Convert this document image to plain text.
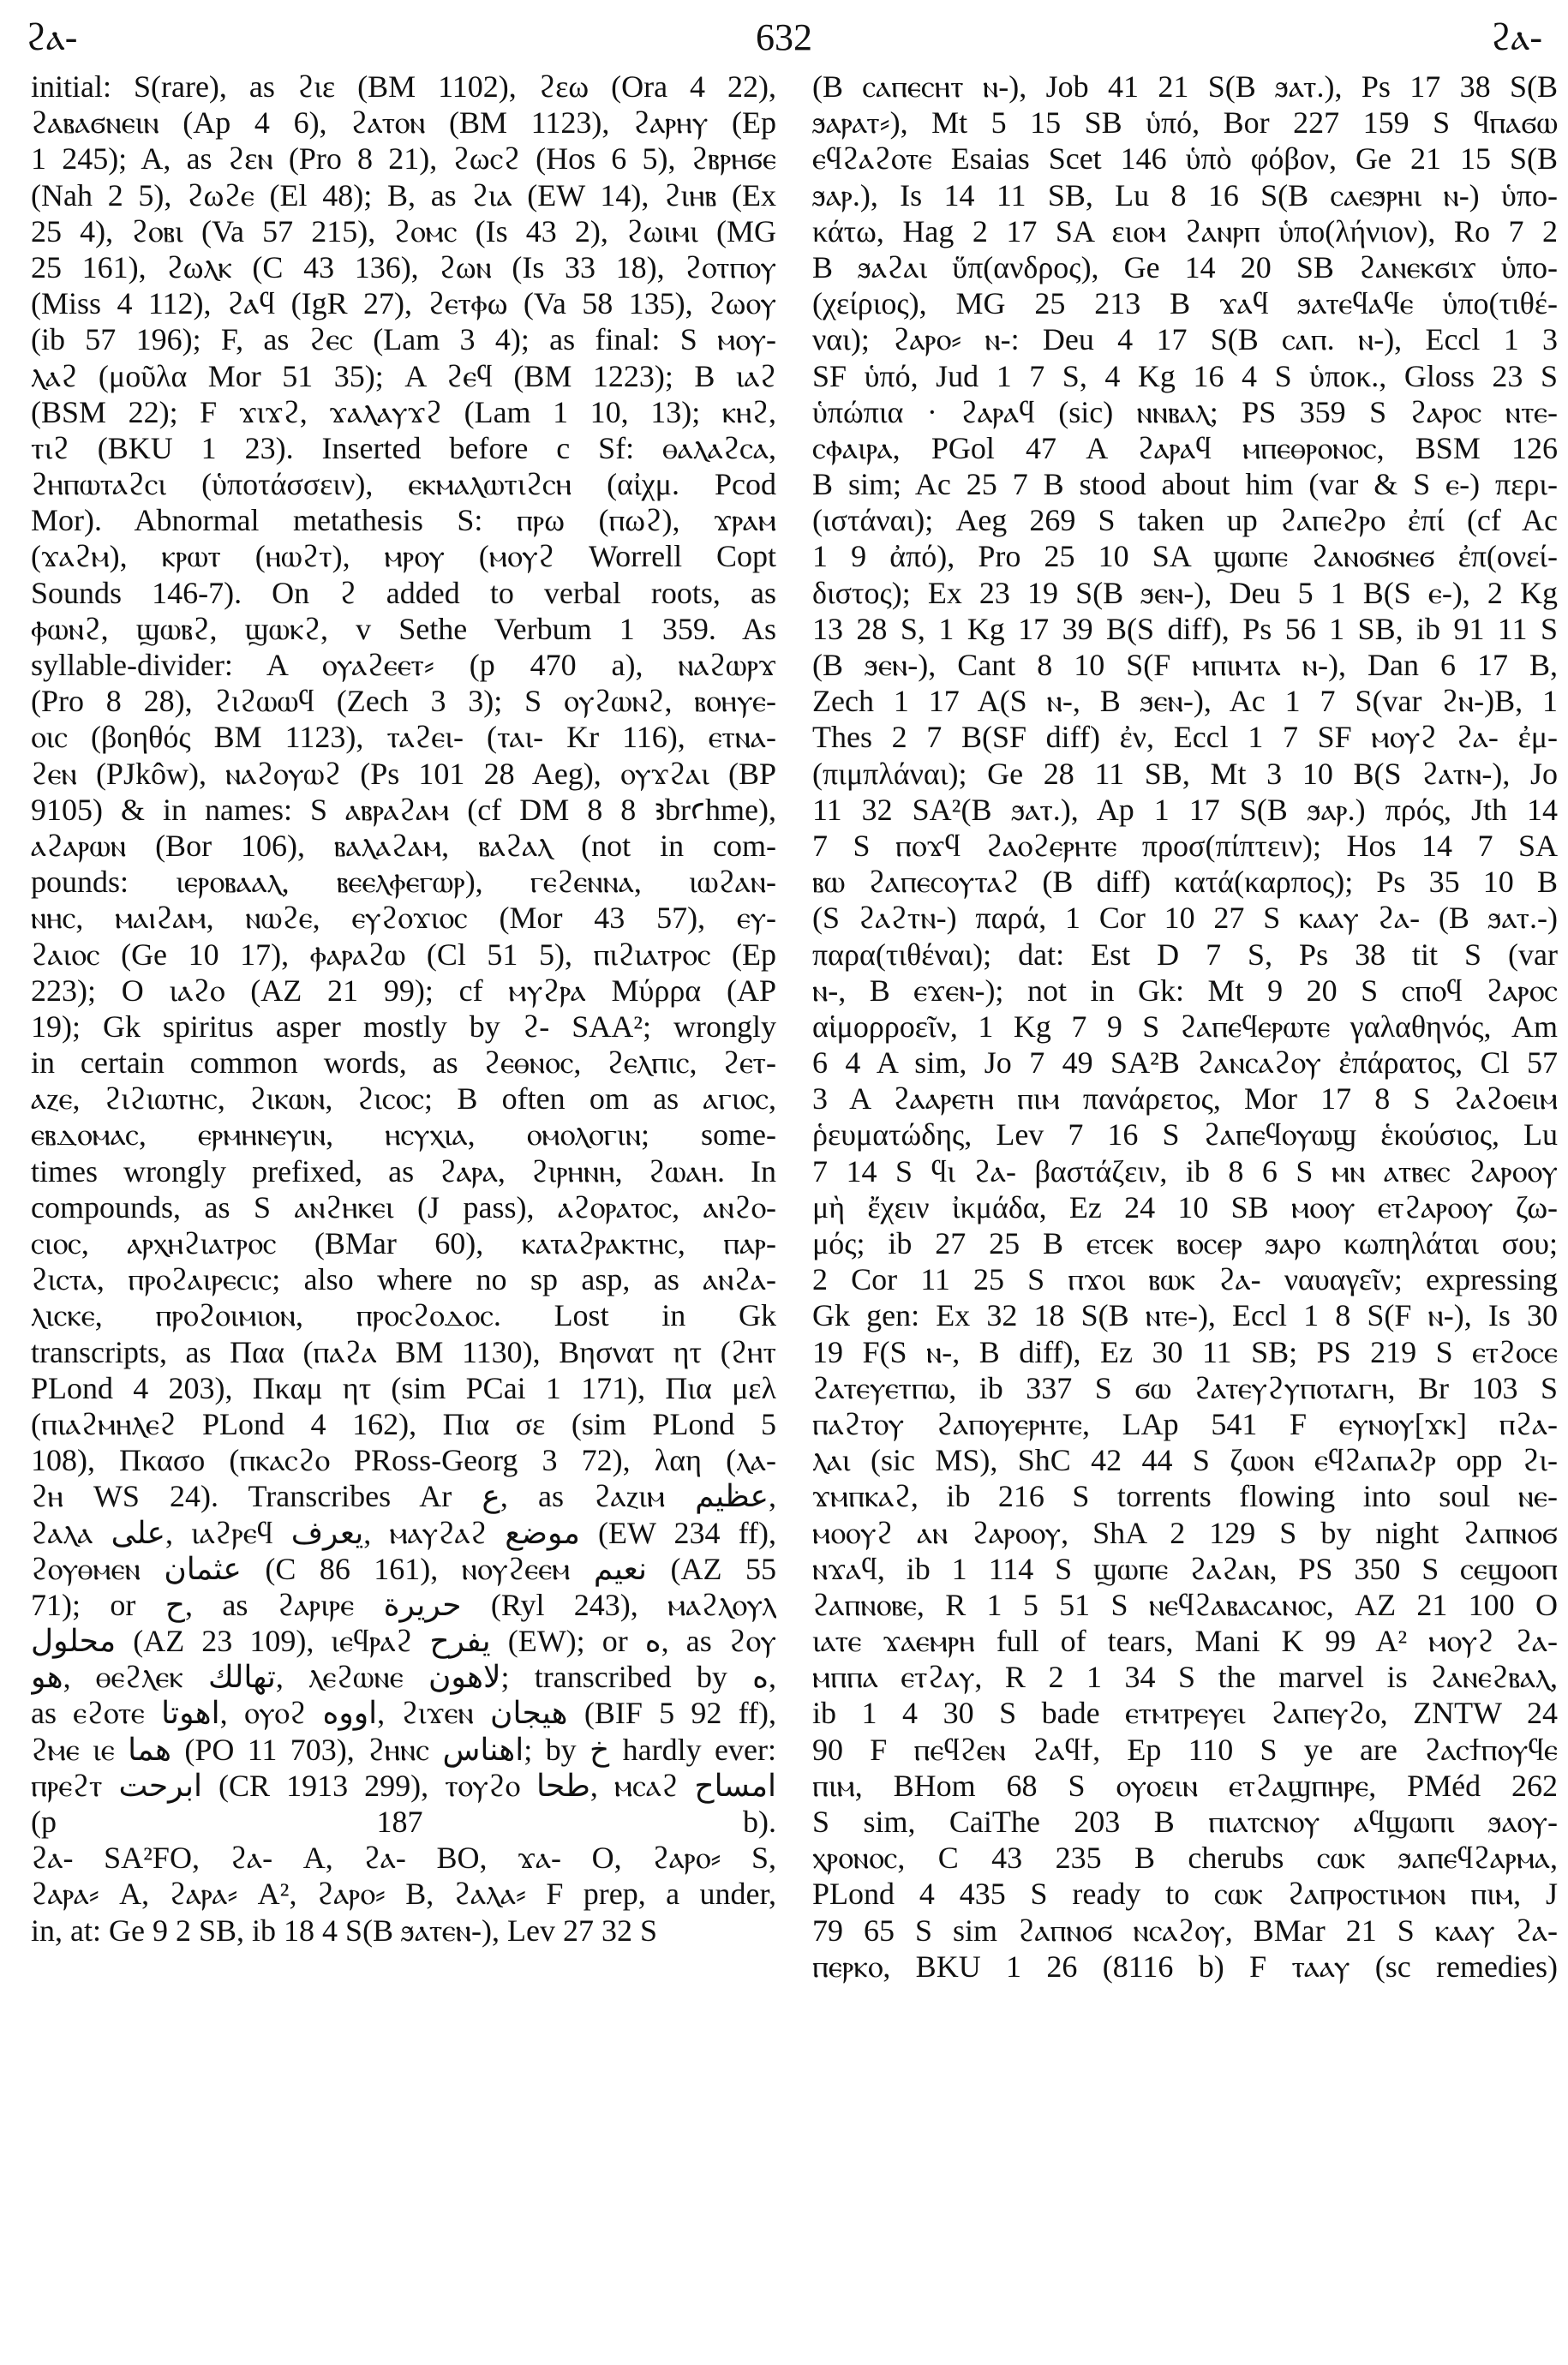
ϩⲁ-	632	ϩⲁ-
initial: S(rare), as ϩιε (BM 1102), ϩεω (Ora 4 22),
ϩⲁⲃⲁϭⲛⲉιⲛ (Ap 4 6), ϩⲁⲧⲟⲛ (BM 1123), ϩⲁⲣⲏⲩ (Ep
1 245); A, as ϩεⲛ (Pro 8 21), ϩωⲥϩ (Hos 6 5), ϩⲃⲣⲏϭⲉ
(Nah 2 5), ϩωϩⲉ (El 48); B, as ϩιⲁ (EW 14), ϩιⲏⲃ (Ex
25 4), ϩⲟⲃι (Va 57 215), ϩⲟⲙⲥ (Is 43 2), ϩωιⲙι (MG
25 161), ϩωⲗⲕ (C 43 136), ϩωⲛ (Is 33 18), ϩⲟⲧⲡⲟⲩ
(Miss 4 112), ϩⲁϥ (IgR 27), ϩⲉⲧⲫω (Va 58 135), ϩωⲟⲩ
(ib 57 196); F, as ϩⲉⲥ (Lam 3 4); as final: S ⲙⲟⲩ-
ⲗⲁϩ (μοῦλα Mor 51 35); A ϩⲉϥ (BM 1223); B ιⲁϩ
(BSM 22); F ϫιϫϩ, ϫⲁⲗⲁⲩϫϩ (Lam 1 10, 13); ⲕⲏϩ,
ⲧιϩ (BKU 1 23). Inserted before c Sf: ⲑⲁⲗⲁϩⲥⲁ,
ϩⲏⲡⲱⲧⲁϩⲥι (ὑποτάσσειν), ⲉⲕⲙⲁⲗⲱⲧιϩⲥⲏ (αἰχμ. Pcod
Mor). Abnormal metathesis S: ⲡⲣω (ⲡωϩ), ϫⲣⲁⲙ
(ϫⲁϩⲙ), ⲕⲣⲱⲧ (ⲏⲱϩⲧ), ⲙⲣⲟⲩ (ⲙⲟⲩϩ Worrell Copt
Sounds 146-7). On ϩ added to verbal roots, as
ⲫⲱⲛϩ, ϣⲱⲃϩ, ϣⲱⲕϩ, v Sethe Verbum 1 359. As
syllable-divider: A ⲟⲩⲁϩⲉⲉⲧ⸗ (p 470 a), ⲛⲁϩⲱⲣϫ
(Pro 8 28), ϩιϩⲱⲱϥ (Zech 3 3); S ⲟⲩϩⲱⲛϩ, ⲃⲟⲏⲩⲉ-
ⲟιⲥ (βοηθός BM 1123), ⲧⲁϩⲉι- (ⲧⲁι- Kr 116), ⲉⲧⲛⲁ-
ϩⲉⲛ (PJkôw), ⲛⲁϩⲟⲩⲱϩ (Ps 101 28 Aeg), ⲟⲩϫϩⲁι (BP
9105) & in names: S ⲁⲃⲣⲁϩⲁⲙ (cf DM 8 8 ꜣbrꜥhme),
ⲁϩⲁⲣⲱⲛ (Bor 106), ⲃⲁⲗⲁϩⲁⲙ, ⲃⲁϩⲁⲗ (not in com-
pounds: ιⲉⲣⲟⲃⲁⲁⲗ, ⲃⲉⲉⲗⲫⲉⲅⲱⲣ), ⲅⲉϩⲉⲛⲛⲁ, ιⲱϩⲁⲛ-
ⲛⲏⲥ, ⲙⲁⲓϩⲁⲙ, ⲛⲱϩⲉ, ⲉⲩϩⲟϫιⲟⲥ (Mor 43 57), ⲉⲩ-
ϩⲁιⲟⲥ (Ge 10 17), ⲫⲁⲣⲁϩⲱ (Cl 51 5), ⲡιϩιⲁⲧⲣⲟⲥ (Ep
223); O ιⲁϩⲟ (AZ 21 99); cf ⲙⲩϩⲣⲁ Μύρρα (AP
19); Gk spiritus asper mostly by ϩ- SAA²; wrongly
in certain common words, as ϩⲉⲑⲛⲟⲥ, ϩⲉⲗⲡιⲥ, ϩⲉⲧ-
ⲁⲍⲉ, ϩιϩιⲱⲧⲏⲥ, ϩιⲕⲱⲛ, ϩιⲥⲟⲥ; B often om as ⲁⲅιⲟⲥ,
ⲉⲃⲇⲟⲙⲁⲥ, ⲉⲣⲙⲏⲛⲉⲩιⲛ, ⲏⲥⲩⲭιⲁ, ⲟⲙⲟⲗⲟⲅιⲛ; some-
times wrongly prefixed, as ϩⲁⲣⲁ, ϩιⲣⲏⲛⲏ, ϩⲱⲁⲏ. In
compounds, as S ⲁⲛϩⲏⲕⲉι (J pass), ⲁϩⲟⲣⲁⲧⲟⲥ, ⲁⲛϩⲟ-
ⲥιⲟⲥ, ⲁⲣⲭⲏϩιⲁⲧⲣⲟⲥ (BMar 60), ⲕⲁⲧⲁϩⲣⲁⲕⲧⲏⲥ, ⲡⲁⲣ-
ϩιⲥⲧⲁ, ⲡⲣⲟϩⲁιⲣⲉⲥιⲥ; also where no sp asp, as ⲁⲛϩⲁ-
ⲗιⲥⲕⲉ, ⲡⲣⲟϩⲟιⲙιⲟⲛ, ⲡⲣⲟⲥϩⲟⲇⲟⲥ. Lost in Gk
transcripts, as Παα (ⲡⲁϩⲁ BM 1130), Βησνατ ητ (ϩⲏⲧ
PLond 4 203), Πκαμ ητ (sim PCai 1 171), Πια μελ
(ⲡιⲁϩⲙⲏⲗⲉϩ PLond 4 162), Πια σε (sim PLond 5
108), Πκασο (ⲡⲕⲁⲥϩⲟ PRoss-Georg 3 72), λαη (ⲗⲁ-
ϩⲏ WS 24). Transcribes Ar ع, as ϩⲁⲍιⲙ عظيم,
ϩⲁⲗⲁ على, ιⲁϩⲣⲉϥ يعرف, ⲙⲁⲩϩⲁϩ موضع (EW 234 ff),
ϩⲟⲩⲑⲙⲉⲛ عثمان (C 86 161), ⲛⲟⲩϩⲉⲉⲙ نعيم (AZ 55
71); or ح, as ϩⲁⲣιⲣⲉ حريرة (Ryl 243), ⲙⲁϩⲗⲟⲩⲗ
محلول (AZ 23 109), ιⲉϥⲣⲁϩ يفرح (EW); or ه, as ϩⲟⲩ
هو, ⲑⲉϩⲗⲉⲕ تهالك, ⲗⲉϩⲱⲛⲉ لاهون; transcribed by ه,
as ⲉϩⲟⲧⲉ اهوتا, ⲟⲩⲟϩ اووه, ϩιϫⲉⲛ هيجان (BIF 5 92 ff),
ϩⲙⲉ ιⲉ هما (PO 11 703), ϩⲏⲛⲥ اهناس; by خ hardly ever:
ⲡⲣⲉϩⲧ ابرحت (CR 1913 299), ⲧⲟⲩϩⲟ طحا, ⲙⲥⲁϩ امساح
(p 187 b).
ϩⲁ- SA²FO, ϩⲁ- A, ϩⲁ- BO, ϫⲁ- O, ϩⲁⲣⲟ⸗ S,
ϩⲁⲣⲁ⸗ A, ϩⲁⲣⲁ⸗ A², ϩⲁⲣⲟ⸗ B, ϩⲁⲗⲁ⸗ F prep, a under,
in, at: Ge 9 2 SB, ib 18 4 S(B ϧⲁⲧⲉⲛ-), Lev 27 32 S
(B ⲥⲁⲡⲉⲥⲏⲧ ⲛ-), Job 41 21 S(B ϧⲁⲧ.), Ps 17 38 S(B
ϧⲁⲣⲁⲧ⸗), Mt 5 15 SB ὑπό, Bor 227 159 S ϥⲡⲁϭⲱ
ⲉϥϩⲁϩⲟⲧⲉ Esaias Scet 146 ὑπὸ φόβον, Ge 21 15 S(B
ϧⲁⲣ.), Is 14 11 SB, Lu 8 16 S(B ⲥⲁⲉϧⲣⲏι ⲛ-) ὑπο-
κάτω, Hag 2 17 SA ειⲟⲙ ϩⲁⲛⲣⲡ ὑπο(λήνιον), Ro 7 2
B ϧⲁϩⲁι ὕπ(ανδρος), Ge 14 20 SB ϩⲁⲛⲉⲕϭιϫ ὑπο-
(χείριος), MG 25 213 B ϫⲁϥ ϧⲁⲧⲉϥⲁϥⲉ ὑπο(τιθέ-
ναι); ϩⲁⲣⲟ⸗ ⲛ-: Deu 4 17 S(B ⲥⲁⲡ. ⲛ-), Eccl 1 3
SF ὑπό, Jud 1 7 S, 4 Kg 16 4 S ὑποκ., Gloss 23 S
ὑπώπια · ϩⲁⲣⲁϥ (sic) ⲛⲛⲃⲁⲗ; PS 359 S ϩⲁⲣⲟⲥ ⲛⲧⲉ-
ⲥⲫⲁιⲣⲁ, PGol 47 A ϩⲁⲣⲁϥ ⲙⲡⲉⲑⲣⲟⲛⲟⲥ, BSM 126
B sim; Ac 25 7 B stood about him (var & S ⲉ-) περι-
(ιστάναι); Aeg 269 S taken up ϩⲁⲡⲉϩⲣⲟ ἐπί (cf Ac
1 9 ἀπό), Pro 25 10 SA ϣⲱⲡⲉ ϩⲁⲛⲟϭⲛⲉϭ ἐπ(ονεί-
διστος); Ex 23 19 S(B ϧⲉⲛ-), Deu 5 1 B(S ⲉ-), 2 Kg
13 28 S, 1 Kg 17 39 B(S diff), Ps 56 1 SB, ib 91 11 S
(B ϧⲉⲛ-), Cant 8 10 S(F ⲙⲡιⲙⲧⲁ ⲛ-), Dan 6 17 B,
Zech 1 17 A(S ⲛ-, B ϧⲉⲛ-), Ac 1 7 S(var ϩⲛ-)B, 1
Thes 2 7 B(SF diff) ἐν, Eccl 1 7 SF ⲙⲟⲩϩ ϩⲁ- ἐμ-
(πιμπλάναι); Ge 28 11 SB, Mt 3 10 B(S ϩⲁⲧⲛ-), Jo
11 32 SA²(B ϧⲁⲧ.), Ap 1 17 S(B ϧⲁⲣ.) πρός, Jth 14
7 S ⲡⲟϫϥ ϩⲁⲟϩⲉⲣⲏⲧⲉ προσ(πίπτειν); Hos 14 7 SA
ⲃⲱ ϩⲁⲡⲉⲥⲟⲩⲧⲁϩ (B diff) κατά(καρπος); Ps 35 10 B
(S ϩⲁϩⲧⲛ-) παρά, 1 Cor 10 27 S ⲕⲁⲁⲩ ϩⲁ- (B ϧⲁⲧ.-)
παρα(τιθέναι); dat: Est D 7 S, Ps 38 tit S (var
ⲛ-, B ⲉϫⲉⲛ-); not in Gk: Mt 9 20 S ⲥⲡⲟϥ ϩⲁⲣⲟⲥ
αἱμορροεῖν, 1 Kg 7 9 S ϩⲁⲡⲉϥⲉⲣⲱⲧⲉ γαλαθηνός, Am
6 4 A sim, Jo 7 49 SA²B ϩⲁⲛⲥⲁϩⲟⲩ ἐπάρατος, Cl 57
3 A ϩⲁⲁⲣⲉⲧⲏ ⲡιⲙ πανάρετος, Mor 17 8 S ϩⲁϩⲟⲉιⲙ
ῥευματώδης, Lev 7 16 S ϩⲁⲡⲉϥⲟⲩⲱϣ ἑκούσιος, Lu
7 14 S ϥι ϩⲁ- βαστάζειν, ib 8 6 S ⲙⲛ ⲁⲧⲃⲉⲥ ϩⲁⲣⲟⲟⲩ
μὴ ἔχειν ἰκμάδα, Ez 24 10 SB ⲙⲟⲟⲩ ⲉⲧϩⲁⲣⲟⲟⲩ ζω-
μός; ib 27 25 B ⲉⲧⲥⲉⲕ ⲃⲟⲥⲉⲣ ϧⲁⲣⲟ κωπηλάται σου;
2 Cor 11 25 S ⲡϫⲟι ⲃⲱⲕ ϩⲁ- ναυαγεῖν; expressing
Gk gen: Ex 32 18 S(B ⲛⲧⲉ-), Eccl 1 8 S(F ⲛ-), Is 30
19 F(S ⲛ-, B diff), Ez 30 11 SB; PS 219 S ⲉⲧϩⲟⲥⲉ
ϩⲁⲧⲉⲩⲉⲧⲡⲱ, ib 337 S ϭⲱ ϩⲁⲧⲉⲩϩⲩⲡⲟⲧⲁⲅⲏ, Br 103 S
ⲡⲁϩⲧⲟⲩ ϩⲁⲡⲟⲩⲉⲣⲏⲧⲉ, LAp 541 F ⲉⲩⲛⲟⲩ[ϫⲕ] ⲡϩⲁ-
ⲗⲁι (sic MS), ShC 42 44 S ζⲱⲟⲛ ⲉϥϩⲁⲡⲁϩⲣ opp ϩι-
ϫⲙⲡⲕⲁϩ, ib 216 S torrents flowing into soul ⲛⲉ-
ⲙⲟⲟⲩϩ ⲁⲛ ϩⲁⲣⲟⲟⲩ, ShA 2 129 S by night ϩⲁⲡⲛⲟϭ
ⲛϫⲁϥ, ib 1 114 S ϣⲱⲡⲉ ϩⲁϩⲁⲛ, PS 350 S ⲥⲉϣⲟⲟⲡ
ϩⲁⲡⲛⲟⲃⲉ, R 1 5 51 S ⲛⲉϥϩⲁⲃⲁⲥⲁⲛⲟⲥ, AZ 21 100 O
ιⲁⲧⲉ ϫⲁⲉⲙⲣⲏ full of tears, Mani K 99 A² ⲙⲟⲩϩ ϩⲁ-
ⲙⲡⲡⲁ ⲉⲧϩⲁⲩ, R 2 1 34 S the marvel is ϩⲁⲛⲉϩⲃⲁⲗ,
ib 1 4 30 S bade ⲉⲧⲙⲧⲣⲉⲩⲉι ϩⲁⲡⲉⲩϩⲟ, ZNTW 24
90 F ⲡⲉϥϩⲉⲛ ϩⲁϥϯ, Ep 110 S ye are ϩⲁⲥϯⲡⲟⲩϥⲉ
ⲡιⲙ, BHom 68 S ⲟⲩⲟειⲛ ⲉⲧϩⲁϣⲡⲏⲣⲉ, PMéd 262
S sim, CaiThe 203 B ⲡιⲁⲧⲥⲛⲟⲩ ⲁϥϣⲱⲡι ϧⲁⲟⲩ-
ⲭⲣⲟⲛⲟⲥ, C 43 235 B cherubs ⲥⲱⲕ ϧⲁⲡⲉϥϩⲁⲣⲙⲁ,
PLond 4 435 S ready to ⲥⲱⲕ ϩⲁⲡⲣⲟⲥⲧιⲙⲟⲛ ⲡιⲙ, J
79 65 S sim ϩⲁⲡⲛⲟϭ ⲛⲥⲁϩⲟⲩ, BMar 21 S ⲕⲁⲁⲩ ϩⲁ-
ⲡⲉⲣⲕⲟ, BKU 1 26 (8116 b) F ⲧⲁⲁⲩ (sc remedies)
